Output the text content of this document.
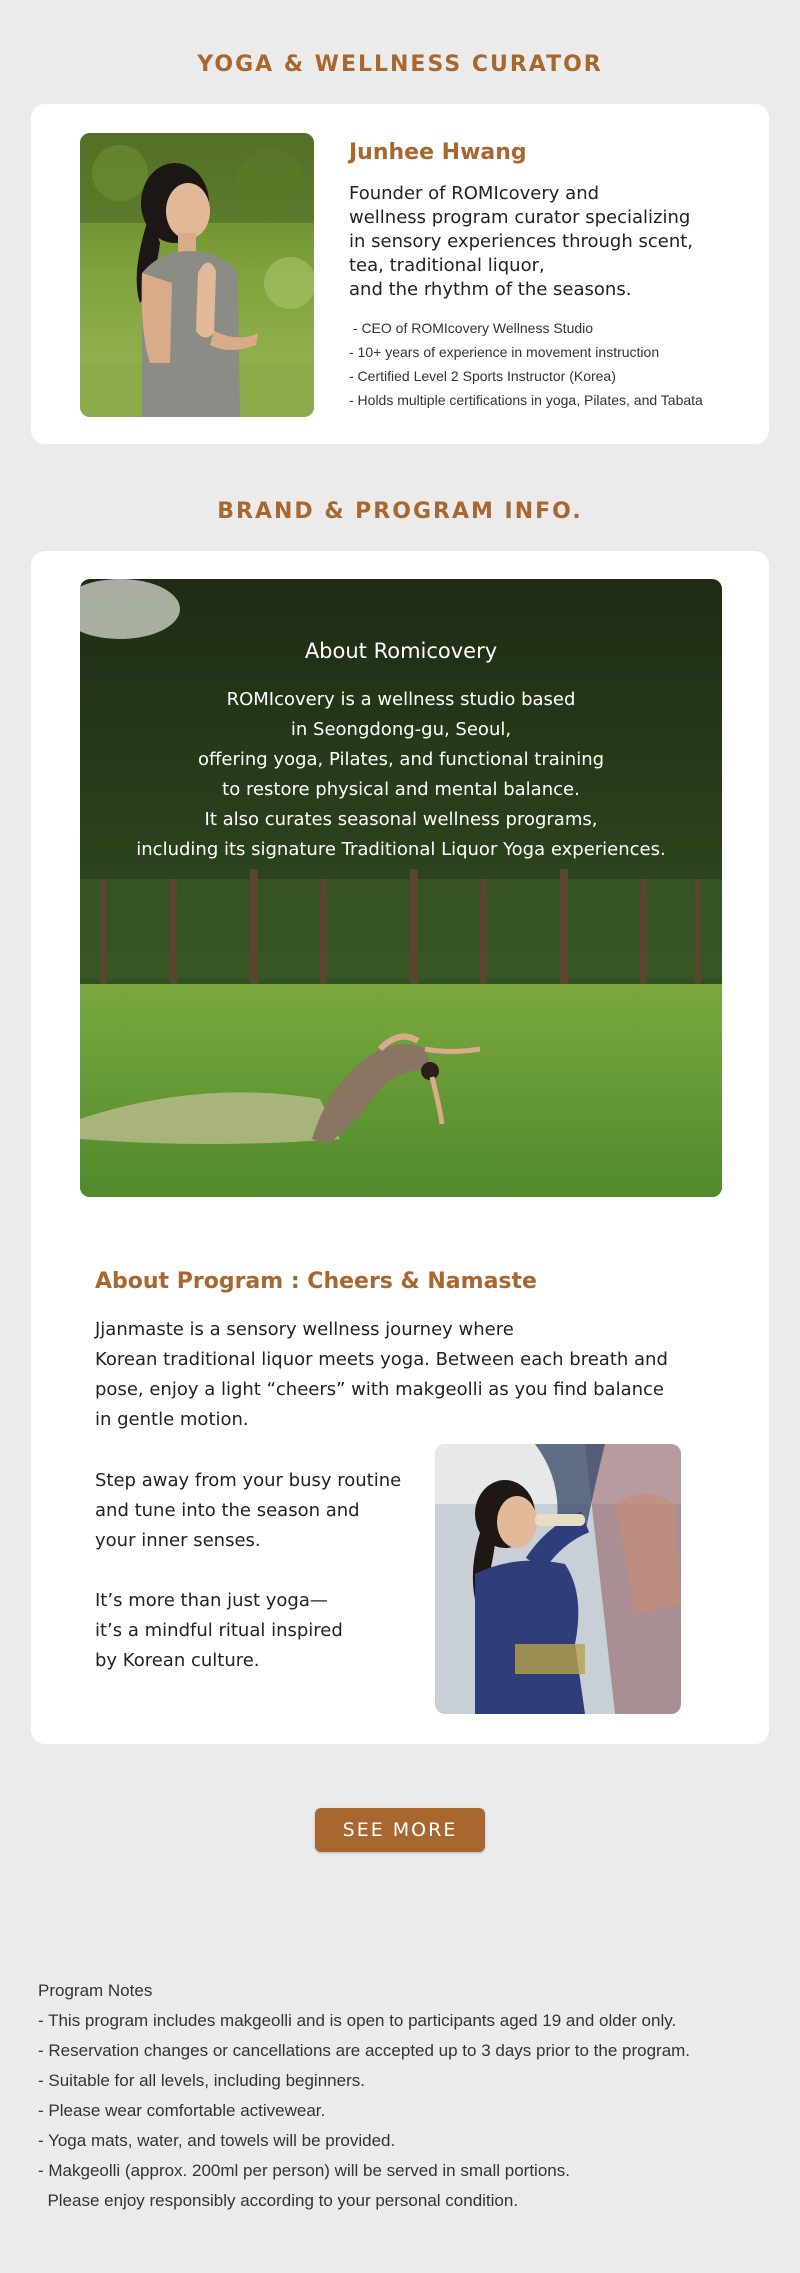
YOGA & WELLNESS CURATOR
Junhee Hwang
Founder of ROMIcovery and
wellness program curator specializing
in sensory experiences through scent,
tea, traditional liquor,
and the rhythm of the seasons.
- CEO of ROMIcovery Wellness Studio
- 10+ years of experience in movement instruction
- Certified Level 2 Sports Instructor (Korea)
- Holds multiple certifications in yoga, Pilates, and Tabata
BRAND & PROGRAM INFO.
About Romicovery
ROMIcovery is a wellness studio based
in Seongdong-gu, Seoul,
offering yoga, Pilates, and functional training
to restore physical and mental balance.
It also curates seasonal wellness programs,
including its signature Traditional Liquor Yoga experiences.
About Program : Cheers & Namaste
Jjanmaste is a sensory wellness journey where
Korean traditional liquor meets yoga. Between each breath and
pose, enjoy a light “cheers” with makgeolli as you find balance
in gentle motion.
Step away from your busy routine
and tune into the season and
your inner senses.
It’s more than just yoga—
it’s a mindful ritual inspired
by Korean culture.
SEE MORE
Program Notes
- This program includes makgeolli and is open to participants aged 19 and older only.
- Reservation changes or cancellations are accepted up to 3 days prior to the program.
- Suitable for all levels, including beginners.
- Please wear comfortable activewear.
- Yoga mats, water, and towels will be provided.
- Makgeolli (approx. 200ml per person) will be served in small portions.
Please enjoy responsibly according to your personal condition.
